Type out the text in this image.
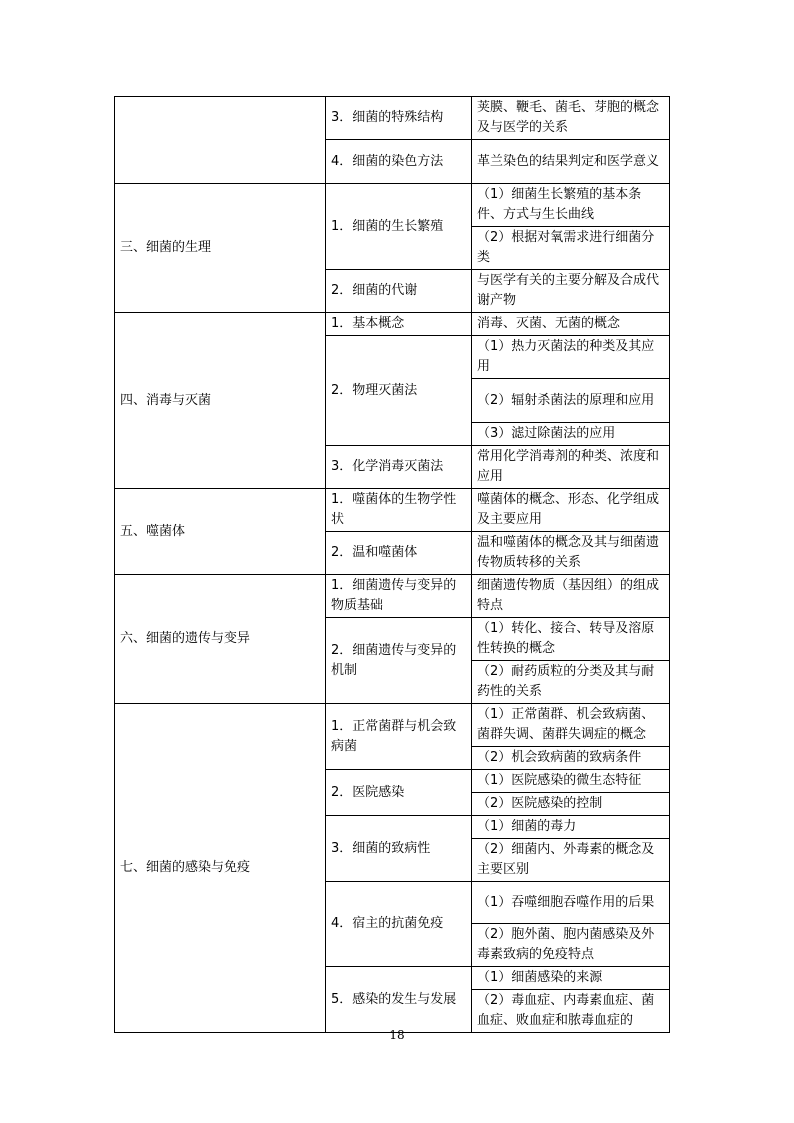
	3．细菌的特殊结构	荚膜、鞭毛、菌毛、芽胞的概念及与医学的关系
	4．细菌的染色方法	革兰染色的结果判定和医学意义
三、细菌的生理	1．细菌的生长繁殖	（1）细菌生长繁殖的基本条件、方式与生长曲线
		（2）根据对氧需求进行细菌分类
	2．细菌的代谢	与医学有关的主要分解及合成代谢产物
四、消毒与灭菌	1．基本概念	消毒、灭菌、无菌的概念
	2．物理灭菌法	（1）热力灭菌法的种类及其应用
		（2）辐射杀菌法的原理和应用
		（3）滤过除菌法的应用
	3．化学消毒灭菌法	常用化学消毒剂的种类、浓度和应用
五、噬菌体	1．噬菌体的生物学性状	噬菌体的概念、形态、化学组成及主要应用
	2．温和噬菌体	温和噬菌体的概念及其与细菌遗传物质转移的关系
六、细菌的遗传与变异	1．细菌遗传与变异的物质基础	细菌遗传物质（基因组）的组成特点
	2．细菌遗传与变异的机制	（1）转化、接合、转导及溶原性转换的概念
		（2）耐药质粒的分类及其与耐药性的关系
七、细菌的感染与免疫	1．正常菌群与机会致病菌	（1）正常菌群、机会致病菌、菌群失调、菌群失调症的概念
		（2）机会致病菌的致病条件
	2．医院感染	（1）医院感染的微生态特征
		（2）医院感染的控制
	3．细菌的致病性	（1）细菌的毒力
		（2）细菌内、外毒素的概念及主要区别
	4．宿主的抗菌免疫	（1）吞噬细胞吞噬作用的后果
		（2）胞外菌、胞内菌感染及外毒素致病的免疫特点
	5．感染的发生与发展	（1）细菌感染的来源
		（2）毒血症、内毒素血症、菌血症、败血症和脓毒血症的
18
